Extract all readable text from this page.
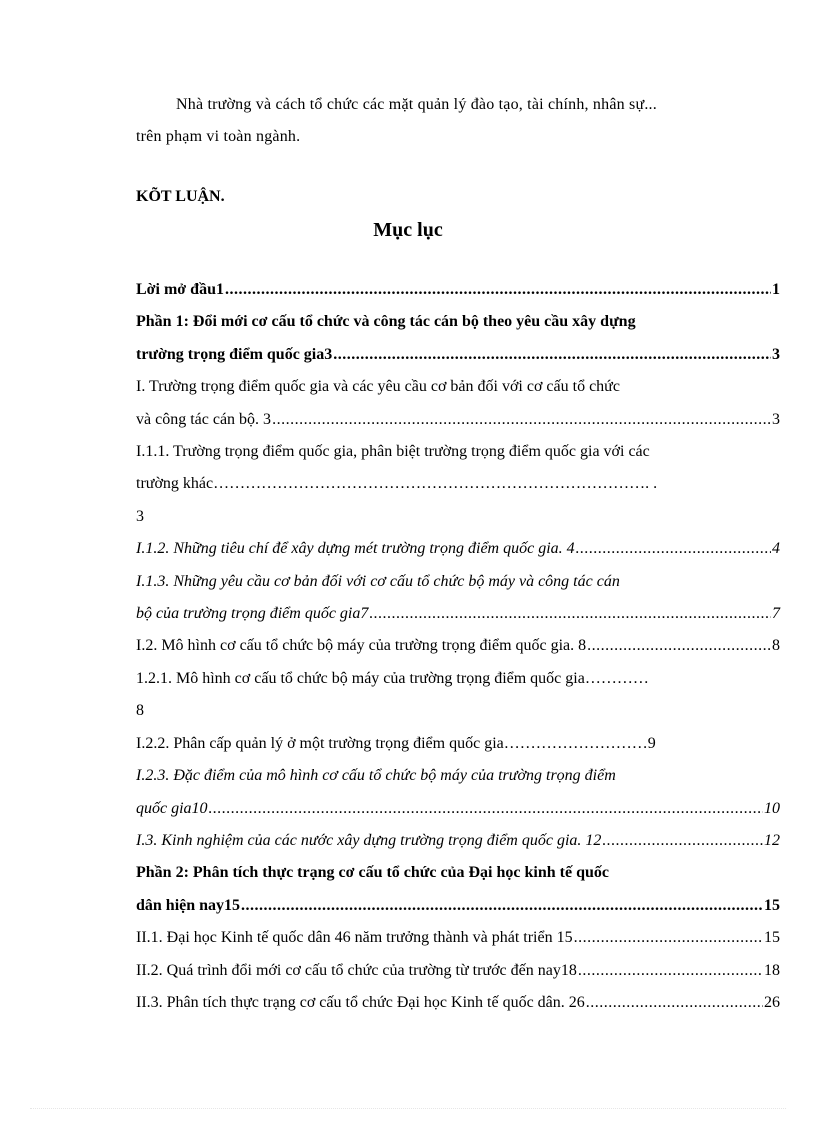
Nhà trường và cách tổ chức các mặt quản lý đào tạo, tài chính, nhân sự...
trên phạm vi toàn ngành.
KÕT LUẬN.
Mục lục
Lời mở đầu1 .....	1
Phần 1: Đổi mới cơ cấu tổ chức và công tác cán bộ theo yêu cầu xây dựng
trường trọng điểm quốc gia3 .....	3
I. Trường trọng điểm quốc gia và các yêu cầu cơ bản đối với cơ cấu tổ chức
và công tác cán bộ. 3 .....	3
I.1.1. Trường trọng điểm quốc gia, phân biệt trường trọng điểm quốc gia với các
trường khác………………………………………………………………………. .
3
I.1.2. Những tiêu chí để xây dựng mét trường trọng điểm quốc gia. 4 .....	4
I.1.3. Những yêu cầu cơ bản đối với cơ cấu tổ chức bộ máy và công tác cán
bộ của trường trọng điểm quốc gia7 .....	7
I.2. Mô hình cơ cấu tổ chức bộ máy của trường trọng điểm quốc gia. 8 .....	8
1.2.1. Mô hình cơ cấu tổ chức bộ máy của trường trọng điểm quốc gia…………
8
I.2.2. Phân cấp quản lý ở một trường trọng điểm quốc gia……………………… 9
I.2.3. Đặc điểm của mô hình cơ cấu tổ chức bộ máy của trường trọng điểm
quốc gia10 .....	10
I.3. Kinh nghiệm của các nước xây dựng trường trọng điểm quốc gia. 12 .....	12
Phần 2: Phân tích thực trạng cơ cấu tổ chức của Đại học kinh tế quốc
dân hiện nay15 .....	15
II.1. Đại học Kinh tế quốc dân 46 năm trưởng thành và phát triển 15 .....	15
II.2. Quá trình đổi mới cơ cấu tổ chức của trường từ trước đến nay18 .....	18
II.3. Phân tích thực trạng cơ cấu tổ chức Đại học Kinh tế quốc dân. 26 .....	26
